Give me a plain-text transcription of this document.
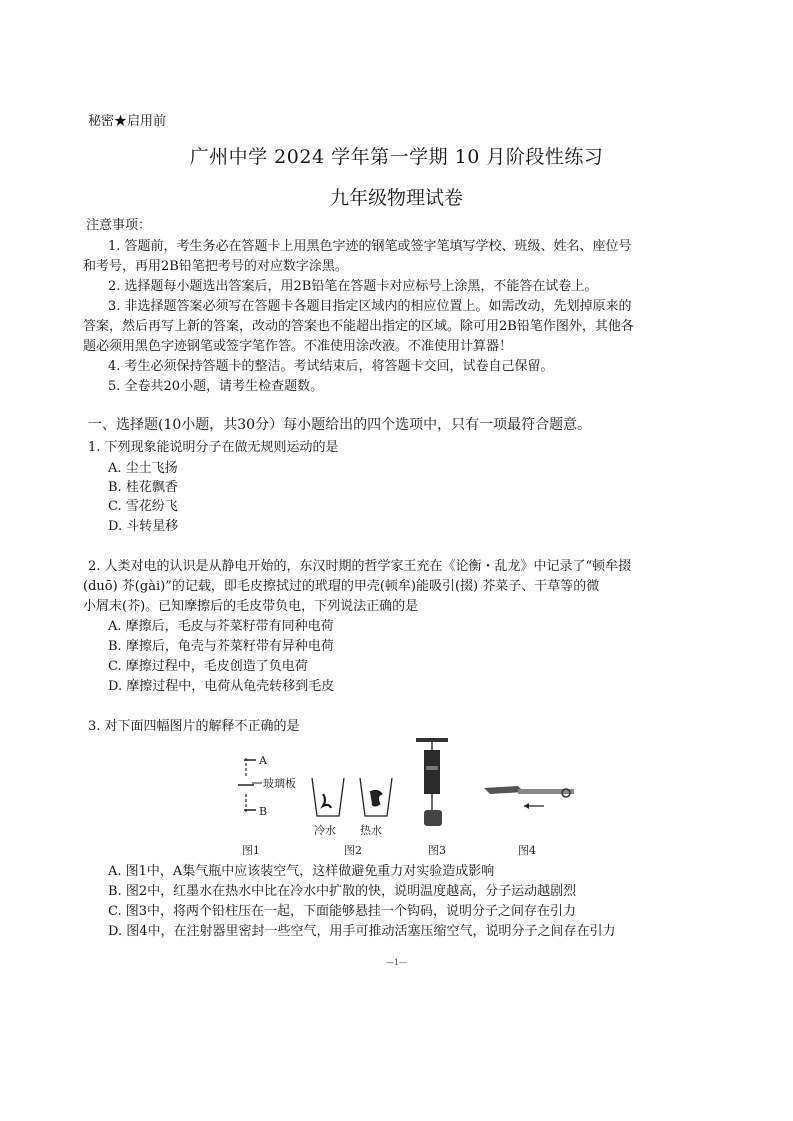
秘密★启用前
广州中学 2024 学年第一学期 10 月阶段性练习
九年级物理试卷
注意事项：
1. 答题前，考生务必在答题卡上用黑色字迹的钢笔或签字笔填写学校、班级、姓名、座位号
和考号，再用2B铅笔把考号的对应数字涂黑。
2. 选择题每小题选出答案后，用2B铅笔在答题卡对应标号上涂黑，不能答在试卷上。
3. 非选择题答案必须写在答题卡各题目指定区域内的相应位置上。如需改动，先划掉原来的
答案，然后再写上新的答案，改动的答案也不能超出指定的区域。除可用2B铅笔作图外，其他各
题必须用黑色字迹钢笔或签字笔作答。不准使用涂改液。不准使用计算器！
4. 考生必须保持答题卡的整洁。考试结束后，将答题卡交回，试卷自己保留。
5. 全卷共20小题，请考生检查题数。
一、选择题(10小题，共30分）每小题给出的四个选项中，只有一项最符合题意。
1. 下列现象能说明分子在做无规则运动的是
A. 尘土飞扬
B. 桂花飘香
C. 雪花纷飞
D. 斗转星移
2. 人类对电的认识是从静电开始的，东汉时期的哲学家王充在《论衡・乱龙》中记录了“顿牟掇
(duō) 芥(gài)”的记载，即毛皮擦拭过的玳瑁的甲壳(顿牟)能吸引(掇) 芥菜子、干草等的微
小屑末(芥)。已知摩擦后的毛皮带负电，下列说法正确的是
A. 摩擦后，毛皮与芥菜籽带有同种电荷
B. 摩擦后，龟壳与芥菜籽带有异种电荷
C. 摩擦过程中，毛皮创造了负电荷
D. 摩擦过程中，电荷从龟壳转移到毛皮
3. 对下面四幅图片的解释不正确的是
A
玻璃板
B
冷水 热水
图1	图2	图3	图4
A. 图1中，A集气瓶中应该装空气，这样做避免重力对实验造成影响
B. 图2中，红墨水在热水中比在冷水中扩散的快，说明温度越高，分子运动越剧烈
C. 图3中，将两个铅柱压在一起，下面能够悬挂一个钩码，说明分子之间存在引力
D. 图4中，在注射器里密封一些空气，用手可推动活塞压缩空气，说明分子之间存在引力
—1—
